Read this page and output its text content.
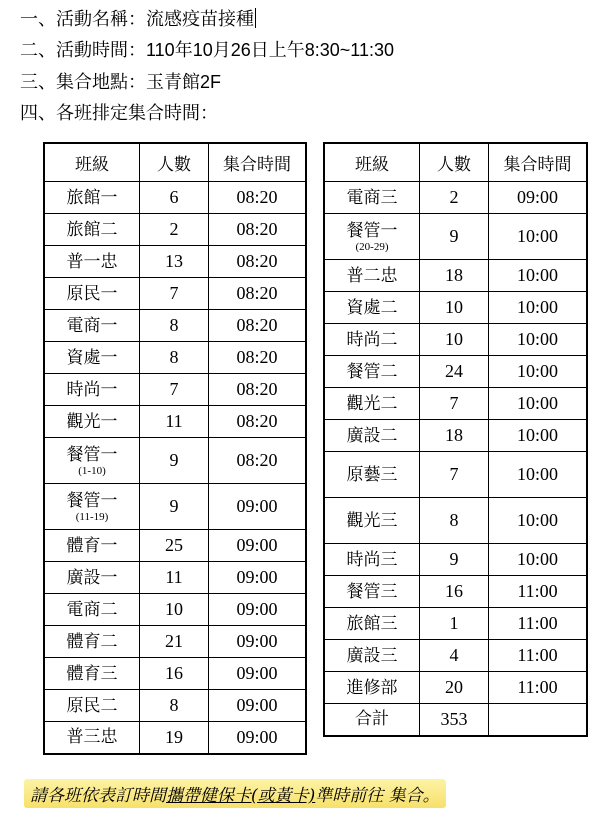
一、活動名稱：流感疫苗接種
二、活動時間：110年10月26日上午8:30~11:30
三、集合地點：玉青館2F
四、各班排定集合時間：
班級	人數	集合時間

旅館一	6	08:20

旅館二	2	08:20

普一忠	13	08:20

原民一	7	08:20

電商一	8	08:20

資處一	8	08:20

時尚一	7	08:20

觀光一	11	08:20

餐管一
(1-10)	9	08:20

餐管一
(11-19)	9	09:00

體育一	25	09:00

廣設一	11	09:00

電商二	10	09:00

體育二	21	09:00

體育三	16	09:00

原民二	8	09:00

普三忠	19	09:00
班級	人數	集合時間

電商三	2	09:00

餐管一
(20-29)	9	10:00

普二忠	18	10:00

資處二	10	10:00

時尚二	10	10:00

餐管二	24	10:00

觀光二	7	10:00

廣設二	18	10:00

原藝三	7	10:00

觀光三	8	10:00

時尚三	9	10:00

餐管三	16	11:00

旅館三	1	11:00

廣設三	4	11:00

進修部	20	11:00

合計	353	
請各班依表訂時間攜帶健保卡(或黃卡)準時前往 集合。
